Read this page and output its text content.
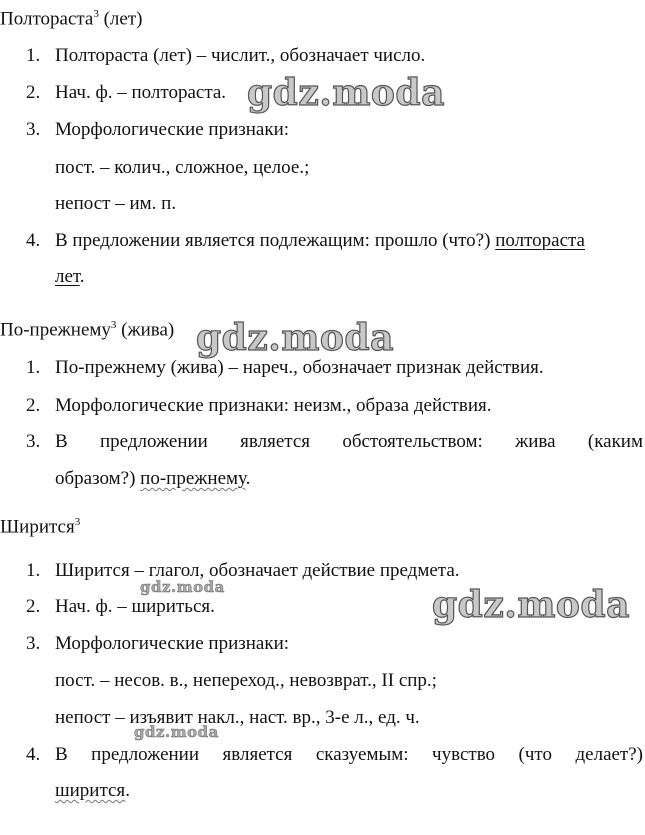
Полтораста$^3$ (лет)
1. Полтораста (лет) – числит., обозначает число.
2. Нач. ф. – полтораста.
3. Морфологические признаки:
пост. – колич., сложное, целое.;
непост – им. п.
4. В предложении является подлежащим: прошло (что?) полтораста
лет.
По-прежнему$^3$ (жива)
1. По-прежнему (жива) – нареч., обозначает признак действия.
2. Морфологические признаки: неизм., образа действия.
3. В предложении является обстоятельством: жива (каким
образом?) по-прежнему.
Ширится$^3$
1. Ширится – глагол, обозначает действие предмета.
2. Нач. ф. – шириться.
3. Морфологические признаки:
пост. – несов. в., непереход., невозврат., II спр.;
непост – изъявит накл., наст. вр., 3-е л., ед. ч.
4. В предложении является сказуемым: чувство (что делает?)
ширится.
gdz.moda
gdz.moda
gdz.moda	gdz.moda
gdz.moda
